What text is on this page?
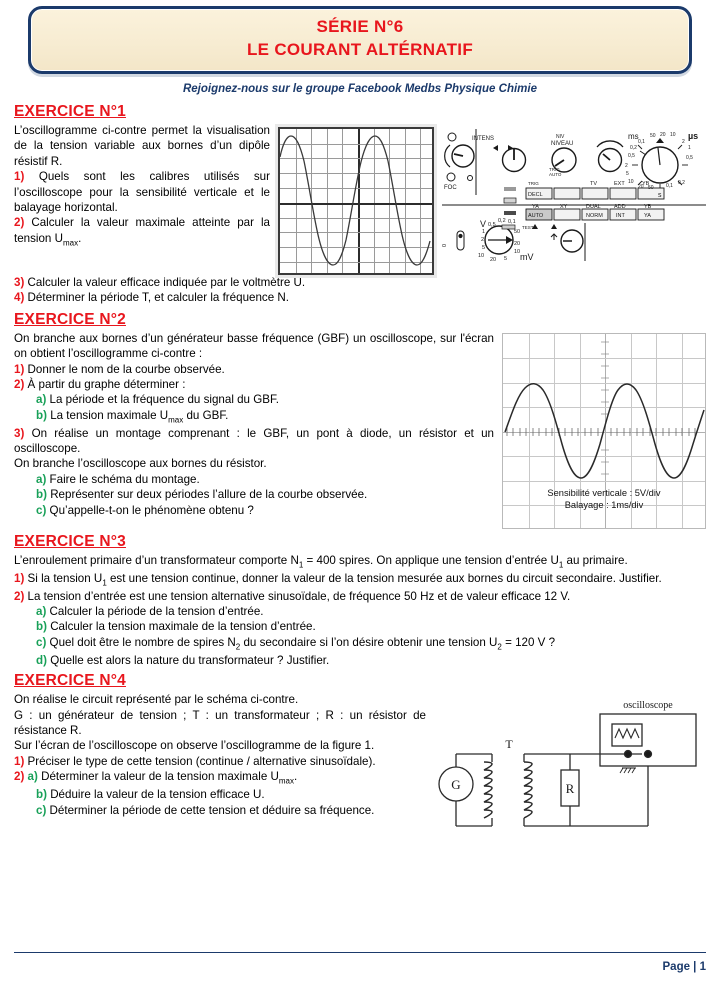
SÉRIE N°6
LE COURANT ALTÉRNATIF
Rejoignez-nous sur le groupe Facebook Medbs Physique Chimie
EXERCICE N°1
L’oscillogramme ci-contre permet la visualisation de la tension variable aux bornes d’un dipôle résistif R.
1) Quels sont les calibres utilisés sur l’oscilloscope pour la sensibilité verticale et le balayage horizontal.
2) Calculer la valeur maximale atteinte par la tension $U_{max}$.
INTENS
FOC
NIV
NIVEAU
TRIG
AUTO
TRIG
DECL
AUTO
TV	EXT	YB
NORM INT	YA
YA	XY	DUAL ADD	YB
TEST
V 0,5
0,2 0,1
1
2
5
10
20 5
10
20
50
mV
0
ms	µs
0,1
50 20 10
2
1
0,5
0,2
0,5
2
5
10
20 50 0,1 0,2
s
3) Calculer la valeur efficace indiquée par le voltmètre U.
4) Déterminer la période T, et calculer la fréquence N.
EXERCICE N°2
On branche aux bornes d’un générateur basse fréquence (GBF) un oscilloscope, sur l'écran on obtient l’oscillogramme ci-contre :
1) Donner le nom de la courbe observée.
2) À partir du graphe déterminer :
a) La période et la fréquence du signal du GBF.
b) La tension maximale $U_{max}$ du GBF.
3) On réalise un montage comprenant : le GBF, un pont à diode, un résistor et un oscilloscope.
On branche l’oscilloscope aux bornes du résistor.
a) Faire le schéma du montage.
b) Représenter sur deux périodes l’allure de la courbe observée.
c) Qu’appelle-t-on le phénomène obtenu ?
Sensibilité verticale : 5V/div
Balayage : 1ms/div
EXERCICE N°3
L’enroulement primaire d’un transformateur comporte $N_1 = 400$ spires. On applique une tension d’entrée $U_1$ au primaire.
1) Si la tension $U_1$ est une tension continue, donner la valeur de la tension mesurée aux bornes du circuit secondaire. Justifier.
2) La tension d’entrée est une tension alternative sinusoïdale, de fréquence 50 Hz et de valeur efficace 12 V.
a) Calculer la période de la tension d’entrée.
b) Calculer la tension maximale de la tension d’entrée.
c) Quel doit être le nombre de spires $N_2$ du secondaire si l’on désire obtenir une tension $U_2 = 120$ V ?
d) Quelle est alors la nature du transformateur ? Justifier.
EXERCICE N°4
On réalise le circuit représenté par le schéma ci-contre.
G : un générateur de tension ; T : un transformateur ; R : un résistor de résistance R.
Sur l’écran de l’oscilloscope on observe l’oscillogramme de la figure 1.
1) Préciser le type de cette tension (continue / alternative sinusoïdale).
2) a) Déterminer la valeur de la tension maximale $U_{max}$.
b) Déduire la valeur de la tension efficace U.
c) Déterminer la période de cette tension et déduire sa fréquence.
G
T
R
oscilloscope
Page | 1
